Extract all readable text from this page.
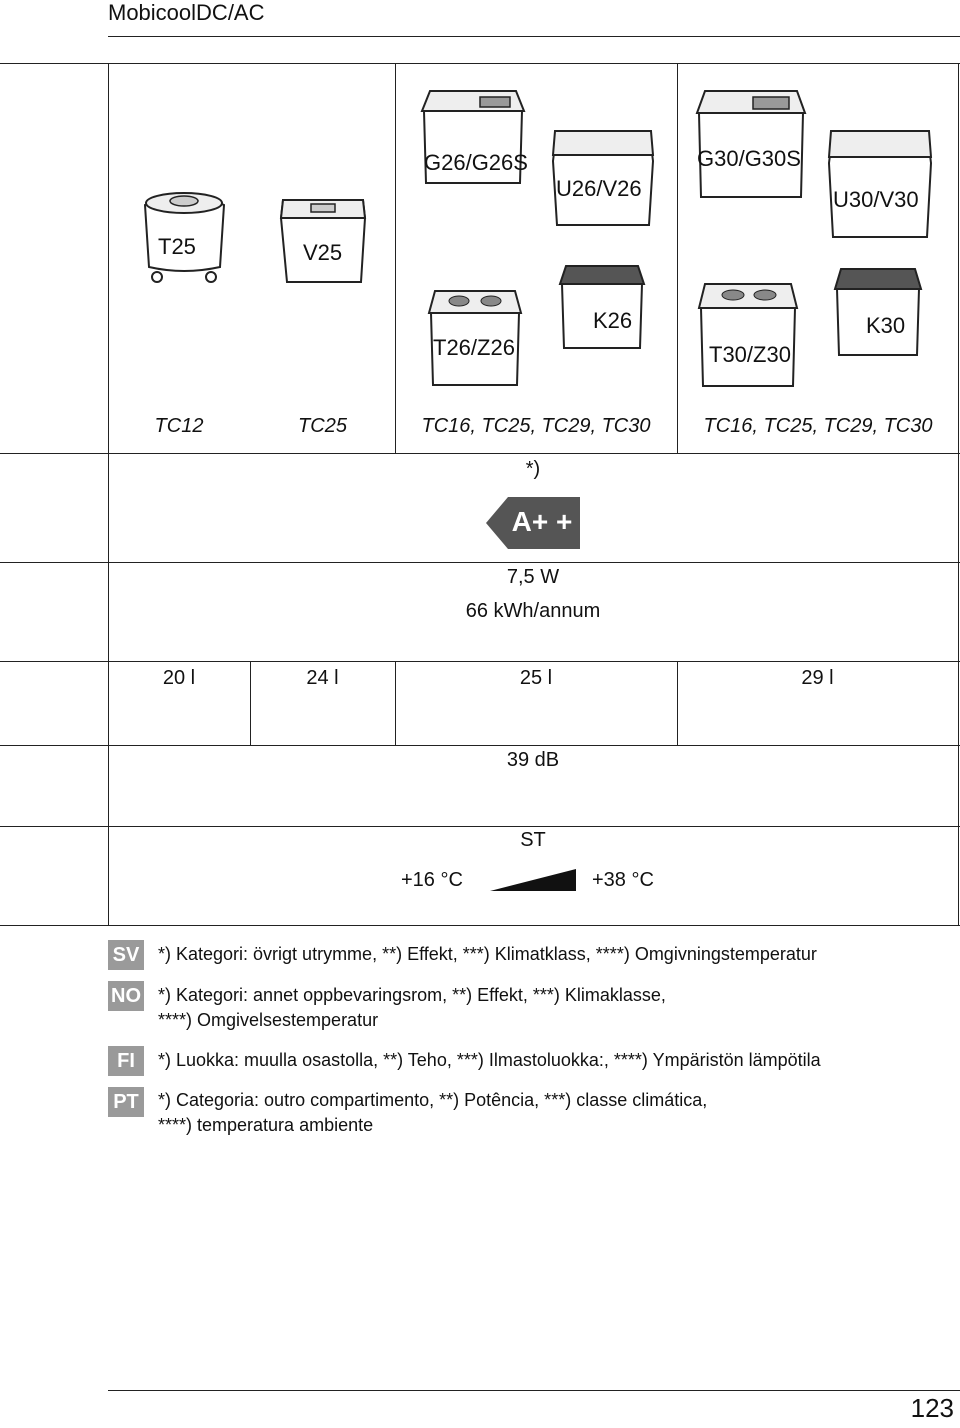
MobicoolDC/AC
T25	V25
G26/G26S
U26/V26
T26/Z26
K26
G30/G30S
U30/V30
T30/Z30
K30
TC12	TC25	TC16, TC25, TC29, TC30	TC16, TC25, TC29, TC30
*)
A+ +
7,5 W
66 kWh/annum
20 l	24 l	25 l	29 l
39 dB
ST
+16 °C	+38 °C
SV *) Kategori: övrigt utrymme, **) Effekt, ***) Klimatklass, ****) Omgivningstemperatur
NO *) Kategori: annet oppbevaringsrom, **) Effekt, ***) Klimaklasse,
****) Omgivelsestemperatur
FI	*) Luokka: muulla osastolla, **) Teho, ***) Ilmastoluokka:, ****) Ympäristön lämpötila
PT *) Categoria: outro compartimento, **) Potência, ***) classe climática,
****) temperatura ambiente
123
